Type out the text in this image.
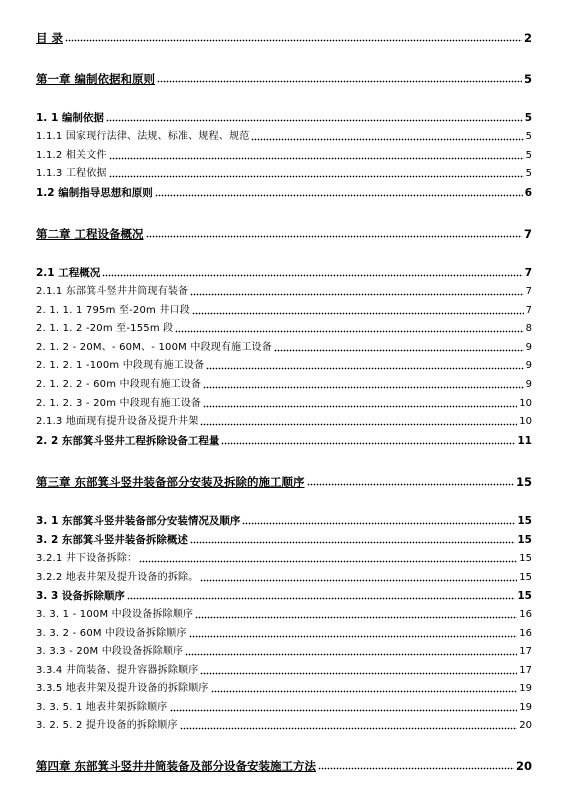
目 录	2
第一章 编制依据和原则	5
1. 1 编制依据	5
1.1.1 国家现行法律、法规、标准、规程、规范	5
1.1.2 相关文件	5
1.1.3 工程依据	5
1.2 编制指导思想和原则	6
第二章 工程设备概况	7
2.1 工程概况	7
2.1.1 东部箕斗竖井井筒现有装备	7
2. 1. 1. 1 795m 至-20m 井口段	7
2. 1. 1. 2 -20m 至-155m 段	8
2. 1. 2 - 20M、- 60M、- 100M 中段现有施工设备	9
2. 1. 2. 1 -100m 中段现有施工设备	9
2. 1. 2. 2 - 60m 中段现有施工设备	9
2. 1. 2. 3 - 20m 中段现有施工设备	10
2.1.3 地面现有提升设备及提升井架	10
2. 2 东部箕斗竖井工程拆除设备工程量	11
第三章 东部箕斗竖井装备部分安装及拆除的施工顺序	15
3. 1 东部箕斗竖井装备部分安装情况及顺序	15
3. 2 东部箕斗竖井装备拆除概述	15
3.2.1 井下设备拆除：	15
3.2.2 地表井架及提升设备的拆除。	15
3. 3 设备拆除顺序	15
3. 3. 1 - 100M 中段设备拆除顺序	16
3. 3. 2 - 60M 中段设备拆除顺序	16
3. 3.3 - 20M 中段设备拆除顺序	17
3.3.4 井筒装备、提升容器拆除顺序	17
3.3.5 地表井架及提升设备的拆除顺序	19
3. 3. 5. 1 地表井架拆除顺序	19
3. 2. 5. 2 提升设备的拆除顺序	20
第四章 东部箕斗竖井井筒装备及部分设备安装施工方法	20
